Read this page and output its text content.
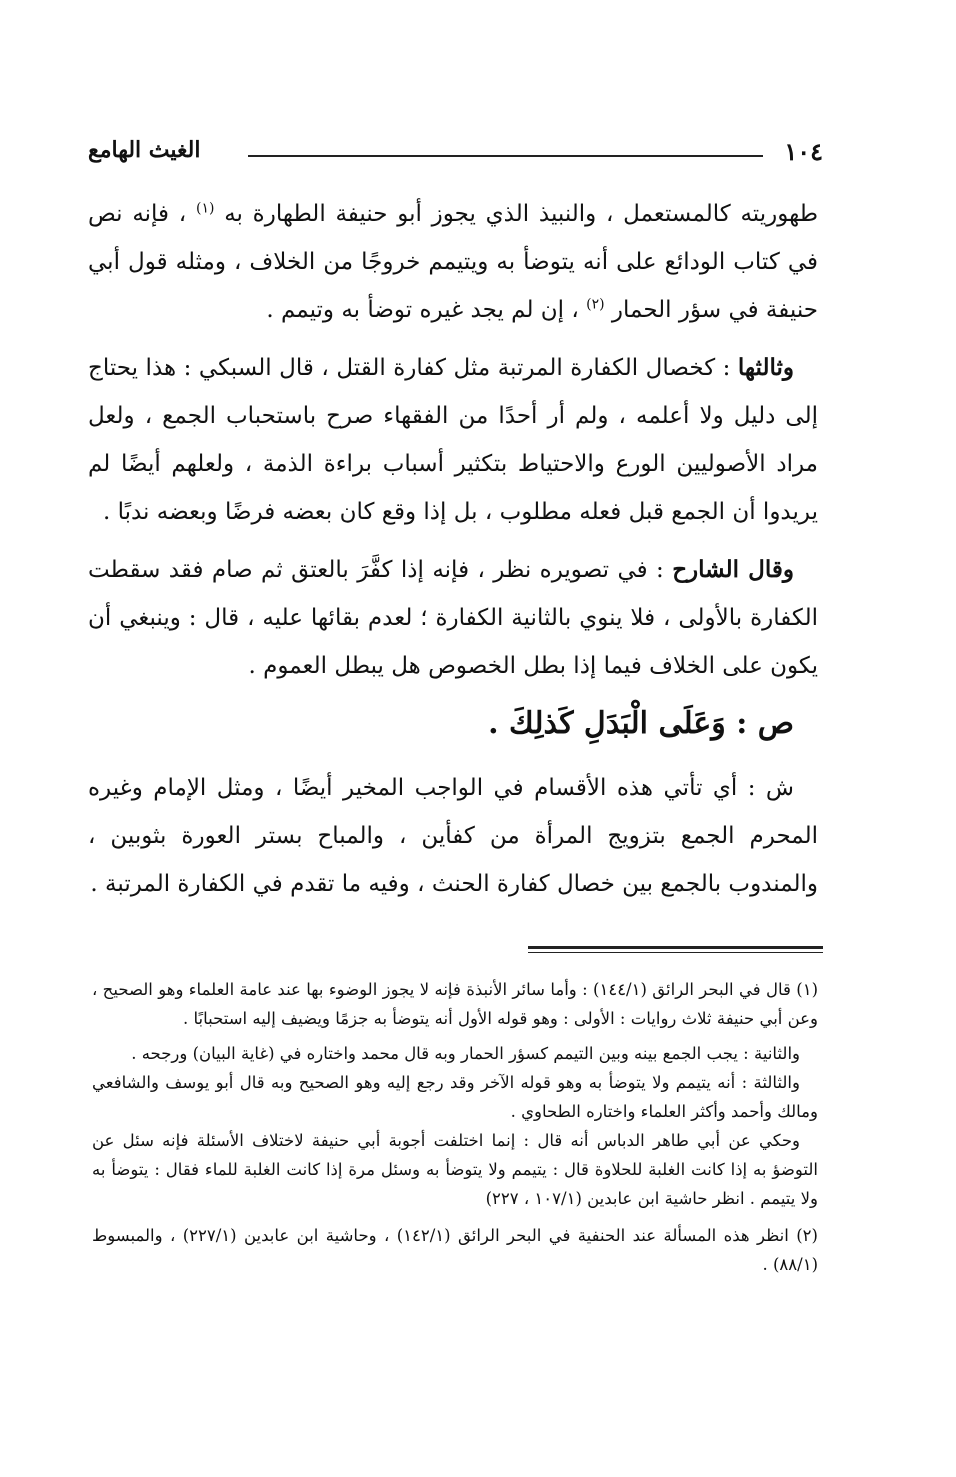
١٠٤
الغيث الهامع

طهوريته كالمستعمل ، والنبيذ الذي يجوز أبو حنيفة الطهارة به $^{(١)}$ ، فإنه نص في كتاب الودائع على أنه يتوضأ به ويتيمم خروجًا من الخلاف ، ومثله قول أبي حنيفة في سؤر الحمار $^{(٢)}$ ، إن لم يجد غيره توضأ به وتيمم .

وثالثها : كخصال الكفارة المرتبة مثل كفارة القتل ، قال السبكي : هذا يحتاج إلى دليل ولا أعلمه ، ولم أر أحدًا من الفقهاء صرح باستحباب الجمع ، ولعل مراد الأصوليين الورع والاحتياط بتكثير أسباب براءة الذمة ، ولعلهم أيضًا لم يريدوا أن الجمع قبل فعله مطلوب ، بل إذا وقع كان بعضه فرضًا وبعضه ندبًا .

وقال الشارح : في تصويره نظر ، فإنه إذا كفَّرَ بالعتق ثم صام فقد سقطت الكفارة بالأولى ، فلا ينوي بالثانية الكفارة ؛ لعدم بقائها عليه ، قال : وينبغي أن يكون على الخلاف فيما إذا بطل الخصوص هل يبطل العموم .

ص : وَعَلَى الْبَدَلِ كَذلِكَ .

ش : أي تأتي هذه الأقسام في الواجب المخير أيضًا ، ومثل الإمام وغيره المحرم الجمع بتزويج المرأة من كفأين ، والمباح بستر العورة بثوبين ، والمندوب بالجمع بين خصال كفارة الحنث ، وفيه ما تقدم في الكفارة المرتبة .

(١) قال في البحر الرائق (١٤٤/١) : وأما سائر الأنبذة فإنه لا يجوز الوضوء بها عند عامة العلماء وهو الصحيح ، وعن أبي حنيفة ثلاث روايات : الأولى : وهو قوله الأول أنه يتوضأ به جزمًا ويضيف إليه استحبابًا .

والثانية : يجب الجمع بينه وبين التيمم كسؤر الحمار وبه قال محمد واختاره في (غاية البيان) ورجحه .

والثالثة : أنه يتيمم ولا يتوضأ به وهو قوله الآخر وقد رجع إليه وهو الصحيح وبه قال أبو يوسف والشافعي ومالك وأحمد وأكثر العلماء واختاره الطحاوي .

وحكي عن أبي طاهر الدباس أنه قال : إنما اختلفت أجوبة أبي حنيفة لاختلاف الأسئلة فإنه سئل عن التوضؤ به إذا كانت الغلبة للحلاوة قال : يتيمم ولا يتوضأ به وسئل مرة إذا كانت الغلبة للماء فقال : يتوضأ به ولا يتيمم . انظر حاشية ابن عابدين (١٠٧/١ ، ٢٢٧)

(٢) انظر هذه المسألة عند الحنفية في البحر الرائق (١٤٢/١) ، وحاشية ابن عابدين (٢٢٧/١) ، والمبسوط (٨٨/١) .
